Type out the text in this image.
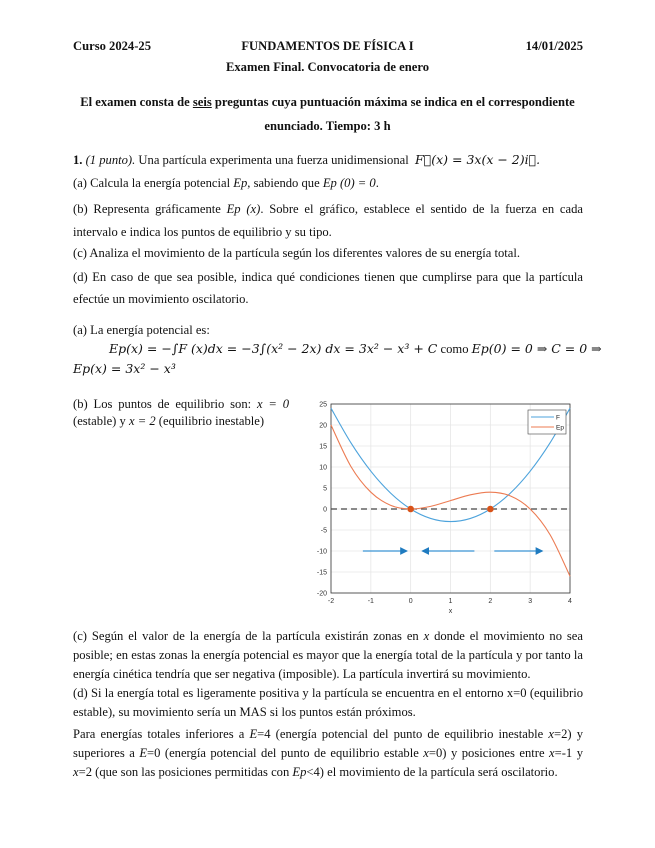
Curso 2024-25	FUNDAMENTOS DE FÍSICA I	14/01/2025
Examen Final. Convocatoria de enero
El examen consta de seis preguntas cuya puntuación máxima se indica en el correspondiente
enunciado. Tiempo: 3 h
1. (1 punto). Una partícula experimenta una fuerza unidimensional  F⃗(x) = 3x(x − 2)i⃗.
(a) Calcula la energía potencial Ep, sabiendo que Ep (0) = 0.
(b) Representa gráficamente Ep (x). Sobre el gráfico, establece el sentido de la fuerza en cada intervalo e indica los puntos de equilibrio y su tipo.
(c) Analiza el movimiento de la partícula según los diferentes valores de su energía total.
(d) En caso de que sea posible, indica qué condiciones tienen que cumplirse para que la partícula efectúe un movimiento oscilatorio.
(a) La energía potencial es:
Ep(x) = −∫F (x)dx = −3∫(x² − 2x) dx = 3x² − x³ + C como Ep(0) = 0 ⇒ C = 0 ⇒
Ep(x) = 3x² − x³
(b) Los puntos de equilibrio son: x = 0 (estable) y x = 2 (equilibrio inestable)
-2	-1	0	1	2	3	4
25
20
15
10
5
0
-5
-10
-15
-20
x
F
Ep
(c) Según el valor de la energía de la partícula existirán zonas en x donde el movimiento no sea posible; en estas zonas la energía potencial es mayor que la energía total de la partícula y por tanto la energía cinética tendría que ser negativa (imposible). La partícula invertirá su movimiento.
(d) Si la energía total es ligeramente positiva y la partícula se encuentra en el entorno x=0 (equilibrio estable), su movimiento sería un MAS si los puntos están próximos.
Para energías totales inferiores a E=4 (energía potencial del punto de equilibrio inestable x=2) y superiores a E=0 (energía potencial del punto de equilibrio estable x=0) y posiciones entre x=-1 y x=2 (que son las posiciones permitidas con Ep<4) el movimiento de la partícula será oscilatorio.
